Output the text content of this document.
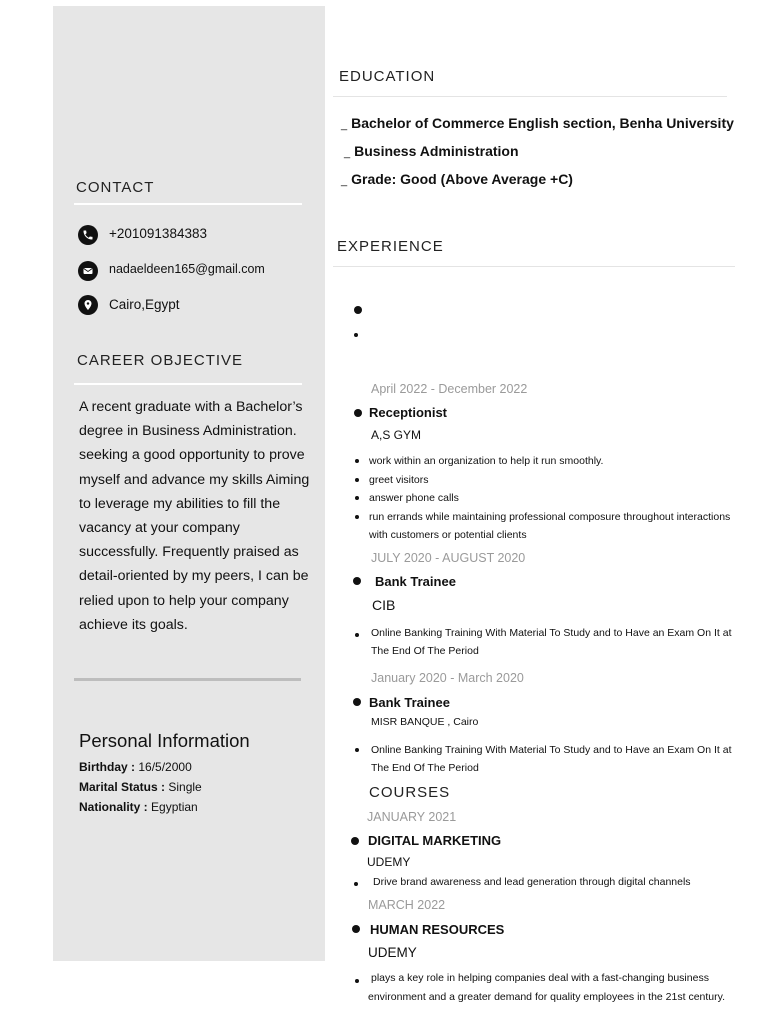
CONTACT
+201091384383
nadaeldeen165@gmail.com
Cairo,Egypt
CAREER OBJECTIVE
A recent graduate with a Bachelor’s degree in Business Administration. seeking a good opportunity to prove myself and advance my skills Aiming to leverage my abilities to fill the vacancy at your company successfully. Frequently praised as detail-oriented by my peers, I can be relied upon to help your company achieve its goals.
Personal Information
Birthday : 16/5/2000
Marital Status : Single
Nationality : Egyptian
EDUCATION
_ Bachelor of Commerce English section, Benha University
_ Business Administration
_ Grade: Good (Above Average +C)
EXPERIENCE
April 2022 - December 2022
Receptionist
A,S GYM
work within an organization to help it run smoothly.
greet visitors
answer phone calls
run errands while maintaining professional composure throughout interactions
with customers or potential clients
JULY 2020 - AUGUST 2020
Bank Trainee
CIB
Online Banking Training With Material To Study and to Have an Exam On It at
The End Of The Period
January 2020 - March 2020
Bank Trainee
MISR BANQUE , Cairo
Online Banking Training With Material To Study and to Have an Exam On It at
The End Of The Period
COURSES
JANUARY 2021
DIGITAL MARKETING
UDEMY
Drive brand awareness and lead generation through digital channels
MARCH 2022
HUMAN RESOURCES
UDEMY
plays a key role in helping companies deal with a fast-changing business
environment and a greater demand for quality employees in the 21st century.
